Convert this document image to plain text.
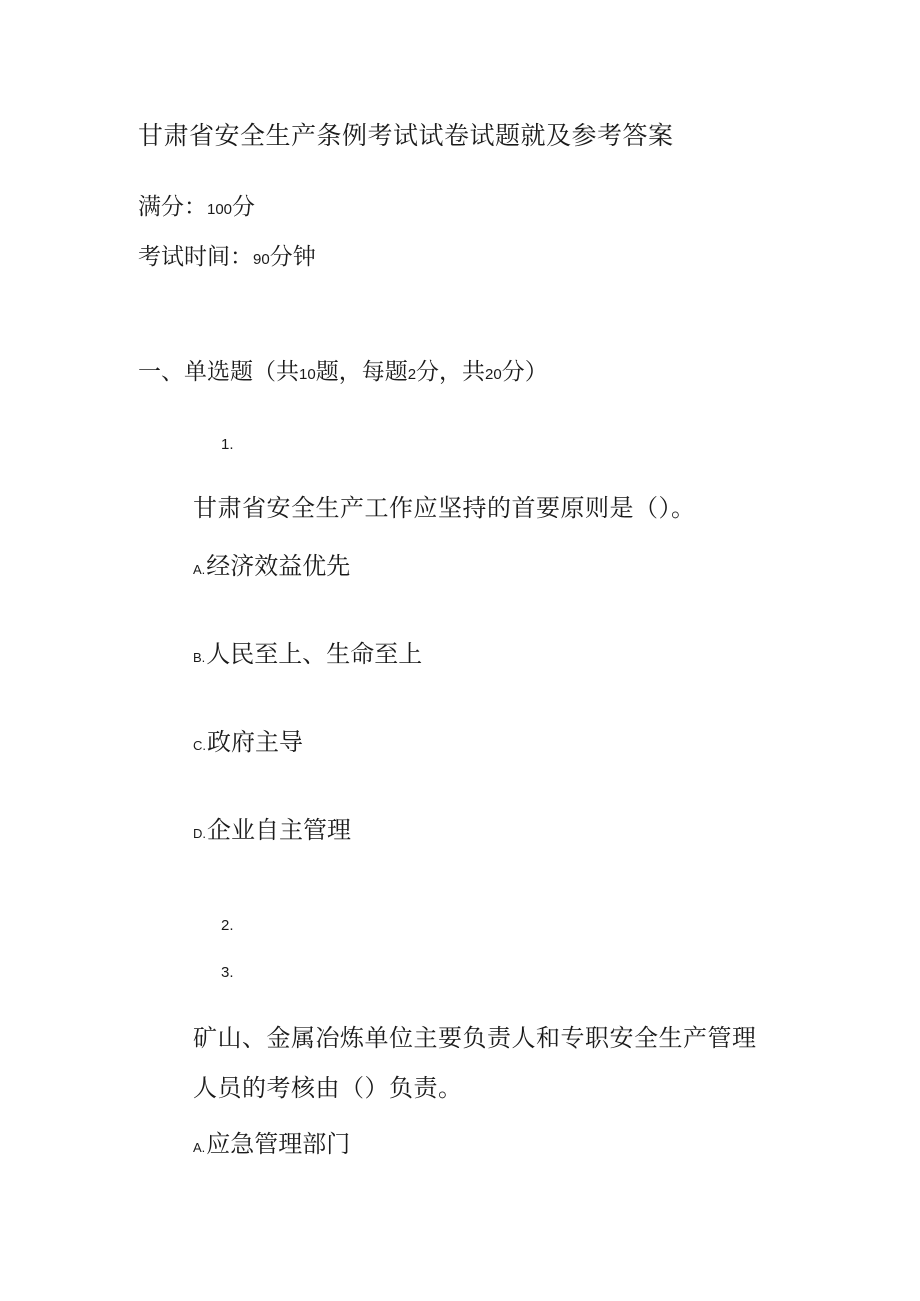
甘肃省安全生产条例考试试卷试题就及参考答案
满分：100分
考试时间：90分钟
一、单选题（共10题，每题2分，共20分）
1.
甘肃省安全生产工作应坚持的首要原则是（）。
A.经济效益优先
B.人民至上、生命至上
C.政府主导
D.企业自主管理
2.
3.
矿山、金属冶炼单位主要负责人和专职安全生产管理
人员的考核由（）负责。
A.应急管理部门
